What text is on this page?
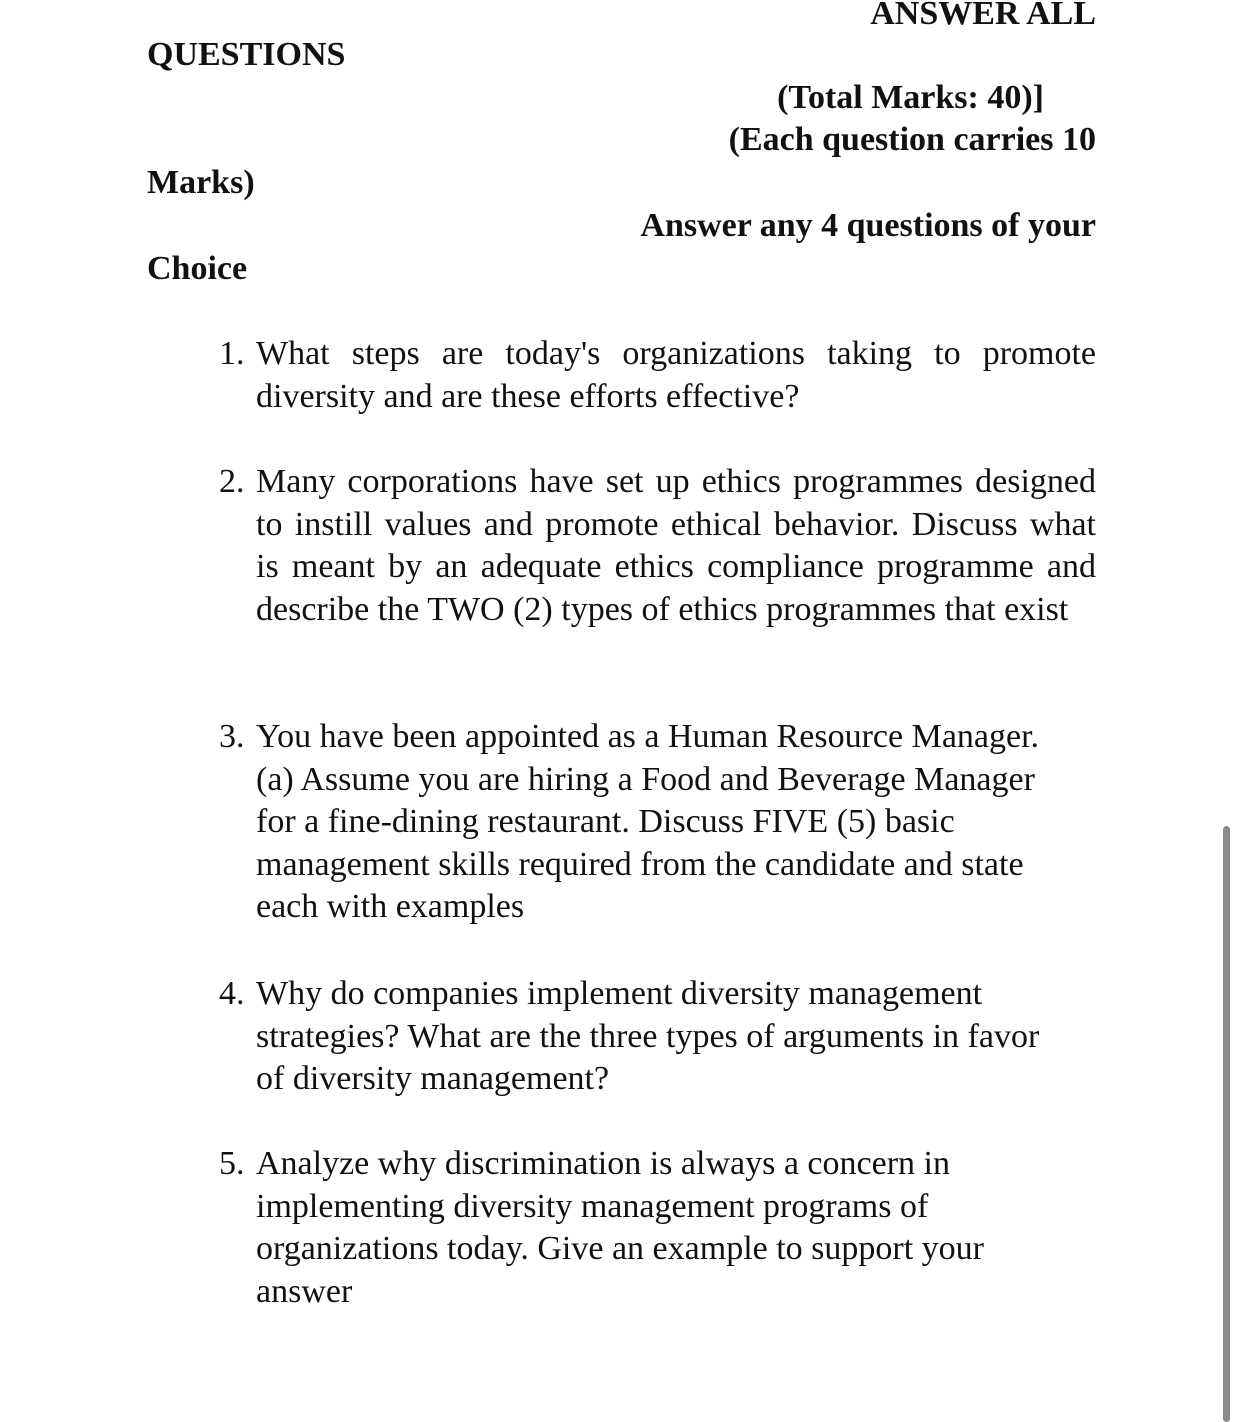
ANSWER ALL

QUESTIONS

(Total Marks: 40)]

(Each question carries 10

Marks)

Answer any 4 questions of your

Choice

1. What steps are today's organizations taking to promote diversity and are these efforts effective?
2. Many corporations have set up ethics programmes designed to instill values and promote ethical behavior. Discuss what is meant by an adequate ethics compliance programme and describe the TWO (2) types of ethics programmes that exist
3. You have been appointed as a Human Resource Manager. (a) Assume you are hiring a Food and Beverage Manager for a fine-dining restaurant. Discuss FIVE (5) basic management skills required from the candidate and state each with examples
4. Why do companies implement diversity management strategies? What are the three types of arguments in favor of diversity management?
5. Analyze why discrimination is always a concern in implementing diversity management programs of organizations today. Give an example to support your answer
